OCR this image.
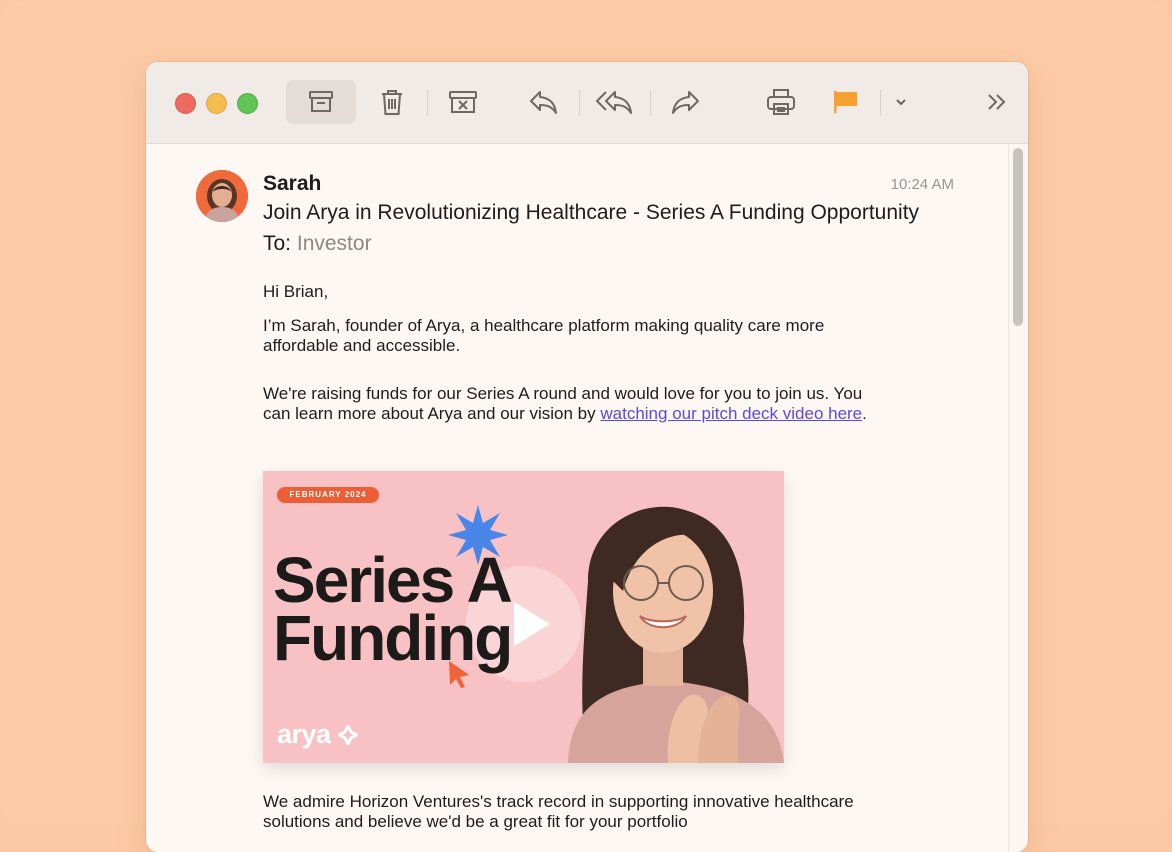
Sarah	10:24 AM
Join Arya in Revolutionizing Healthcare - Series A Funding Opportunity
To: Investor
Hi Brian,
I’m Sarah, founder of Arya, a healthcare platform making quality care more affordable and accessible.
We're raising funds for our Series A round and would love for you to join us. You can learn more about Arya and our vision by watching our pitch deck video here.
FEBRUARY 2024
Series A
Funding
arya
We admire Horizon Ventures's track record in supporting innovative healthcare solutions and believe we'd be a great fit for your portfolio
